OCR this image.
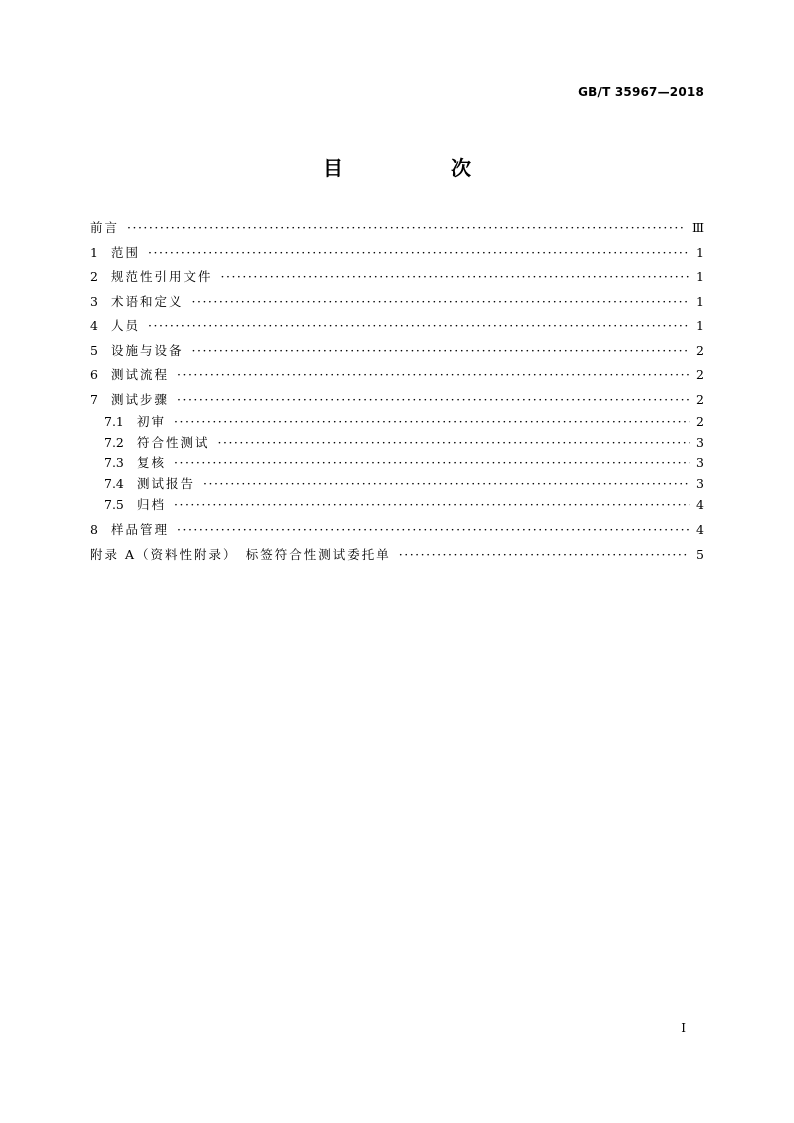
GB/T 35967—2018
目　次
前言 ·····	Ⅲ
1	范围 ·····	1
2	规范性引用文件 ·····	1
3	术语和定义 ·····	1
4	人员 ·····	1
5	设施与设备 ·····	2
6	测试流程 ·····	2
7	测试步骤 ·····	2
7.1	初审 ·····	2
7.2	符合性测试 ·····	3
7.3	复核 ·····	3
7.4	测试报告 ·····	3
7.5	归档 ·····	4
8	样品管理 ·····	4
附录 A（资料性附录）　标签符合性测试委托单 ·····	5
I
